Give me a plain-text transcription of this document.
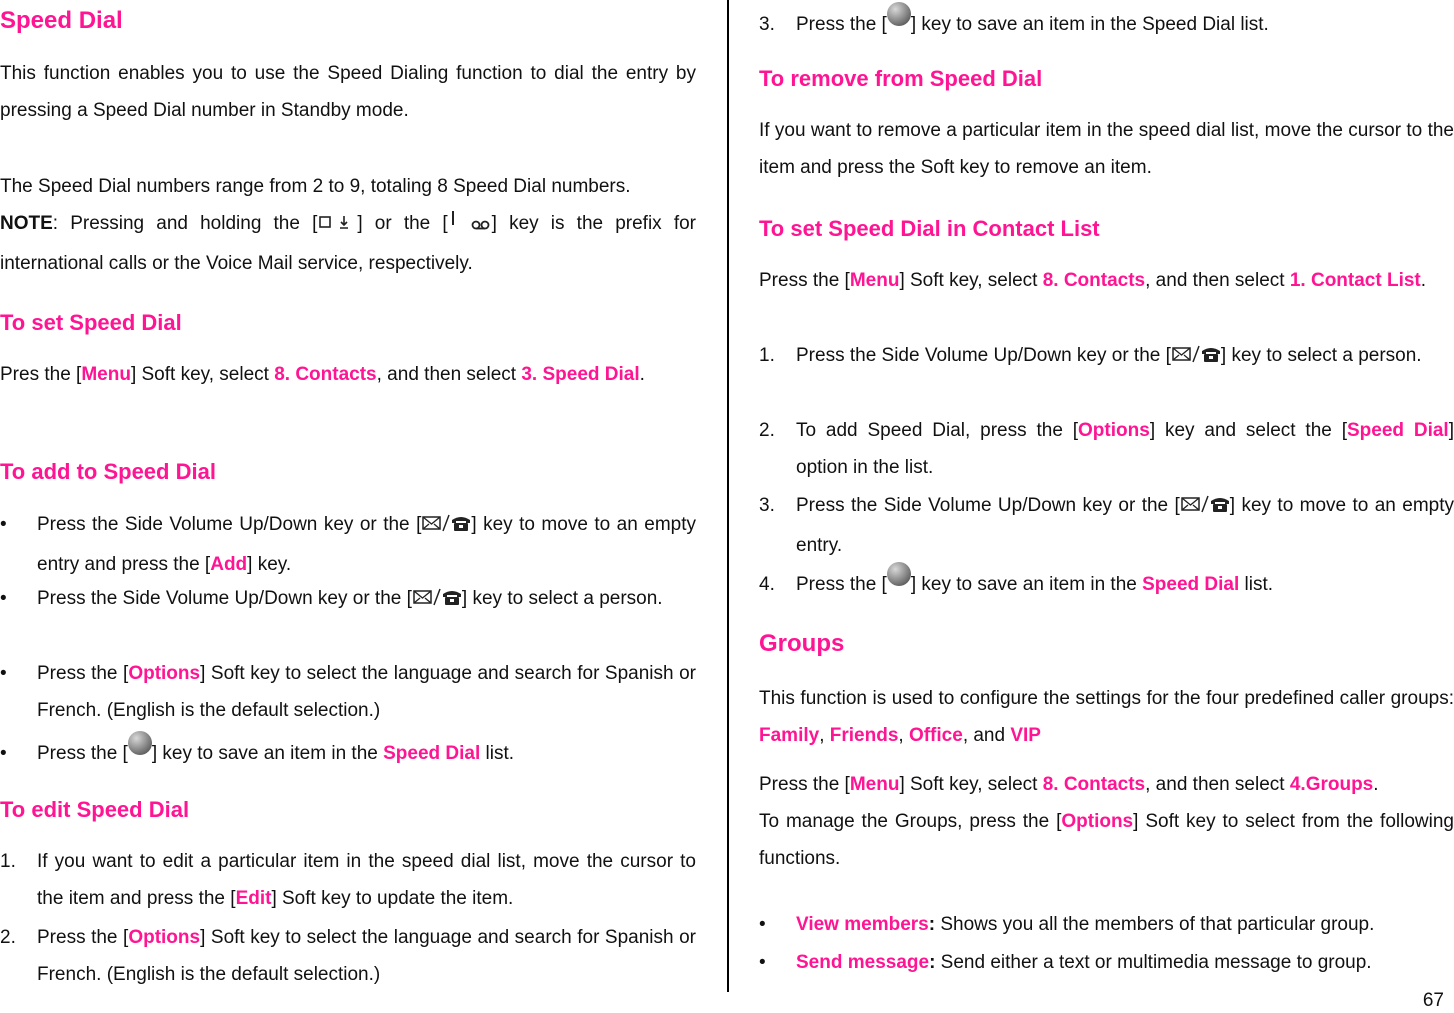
Speed Dial
This function enables you to use the Speed Dialing function to dial the entry by pressing a Speed Dial number in Standby mode.
The Speed Dial numbers range from 2 to 9, totaling 8 Speed Dial numbers.
NOTE: Pressing and holding the [ ] or the [ ] key is the prefix for international calls or the Voice Mail service, respectively.
To set Speed Dial
Pres the [Menu] Soft key, select 8. Contacts, and then select 3. Speed Dial.
To add to Speed Dial
• Press the Side Volume Up/Down key or the [	] key to move to an empty entry and press the [Add] key.
• Press the Side Volume Up/Down key or the [	] key to select a person.
• Press the [Options] Soft key to select the language and search for Spanish or French. (English is the default selection.)
• Press the [ ] key to save an item in the Speed Dial list.
To edit Speed Dial
1. If you want to edit a particular item in the speed dial list, move the cursor to the item and press the [Edit] Soft key to update the item.
2. Press the [Options] Soft key to select the language and search for Spanish or French. (English is the default selection.)
3. Press the [ ] key to save an item in the Speed Dial list.
To remove from Speed Dial
If you want to remove a particular item in the speed dial list, move the cursor to the item and press the Soft key to remove an item.
To set Speed Dial in Contact List
Press the [Menu] Soft key, select 8. Contacts, and then select 1. Contact List.
1. Press the Side Volume Up/Down key or the [	] key to select a person.
2. To add Speed Dial, press the [Options] key and select the [Speed Dial] option in the list.
3. Press the Side Volume Up/Down key or the [	] key to move to an empty entry.
4. Press the [ ] key to save an item in the Speed Dial list.
Groups
This function is used to configure the settings for the four predefined caller groups: Family, Friends, Office, and VIP
Press the [Menu] Soft key, select 8. Contacts, and then select 4.Groups.
To manage the Groups, press the [Options] Soft key to select from the following functions.
• View members: Shows you all the members of that particular group.
• Send message: Send either a text or multimedia message to group.
67
